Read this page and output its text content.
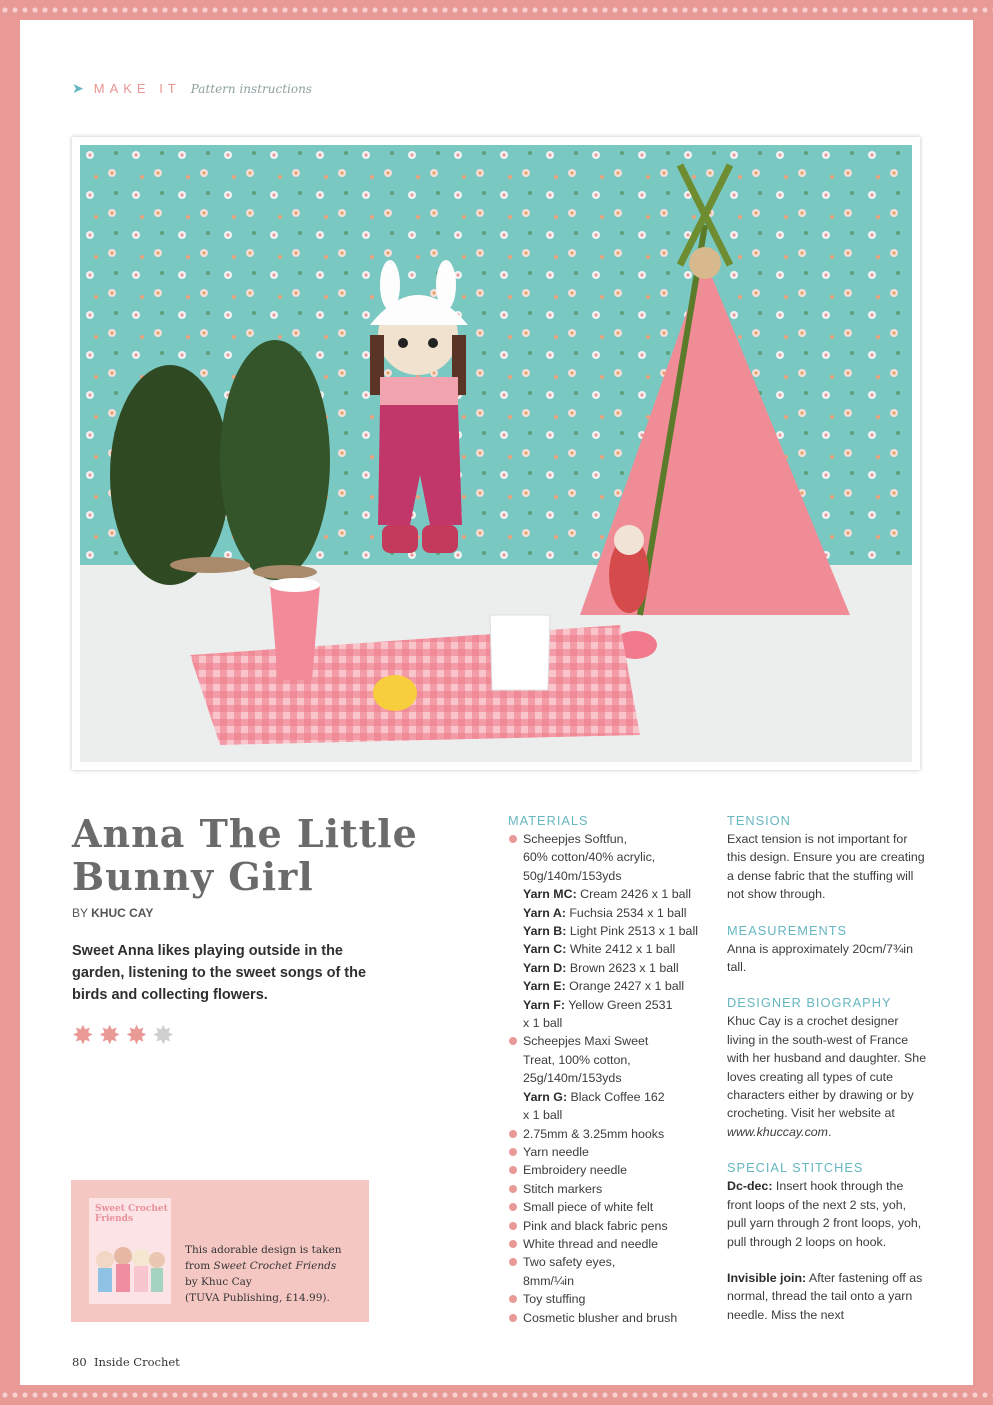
➤ MAKE IT Pattern instructions
Anna The Little
Bunny Girl
BY KHUC CAY
Sweet Anna likes playing outside in the garden, listening to the sweet songs of the birds and collecting flowers.
✸ ✸ ✸ ✸
Sweet Crochet Friends
This adorable design is taken
from Sweet Crochet Friends
by Khuc Cay
(TUVA Publishing, £14.99).
80 Inside Crochet
MATERIALS
Scheepjes Softfun,
60% cotton/40% acrylic,
50g/140m/153yds
Yarn MC: Cream 2426 x 1 ball
Yarn A: Fuchsia 2534 x 1 ball
Yarn B: Light Pink 2513 x 1 ball
Yarn C: White 2412 x 1 ball
Yarn D: Brown 2623 x 1 ball
Yarn E: Orange 2427 x 1 ball
Yarn F: Yellow Green 2531
x 1 ball
Scheepjes Maxi Sweet
Treat, 100% cotton,
25g/140m/153yds
Yarn G: Black Coffee 162
x 1 ball
2.75mm & 3.25mm hooks
Yarn needle
Embroidery needle
Stitch markers
Small piece of white felt
Pink and black fabric pens
White thread and needle
Two safety eyes,
8mm/¼in
Toy stuffing
Cosmetic blusher and brush
TENSION

Exact tension is not important for this design. Ensure you are creating a dense fabric that the stuffing will not show through.

MEASUREMENTS

Anna is approximately 20cm/7¾in tall.

DESIGNER BIOGRAPHY

Khuc Cay is a crochet designer living in the south-west of France with her husband and daughter. She loves creating all types of cute characters either by drawing or by crocheting. Visit her website at www.khuccay.com.

SPECIAL STITCHES

Dc-dec: Insert hook through the front loops of the next 2 sts, yoh, pull yarn through 2 front loops, yoh, pull through 2 loops on hook.

Invisible join: After fastening off as normal, thread the tail onto a yarn needle. Miss the next
